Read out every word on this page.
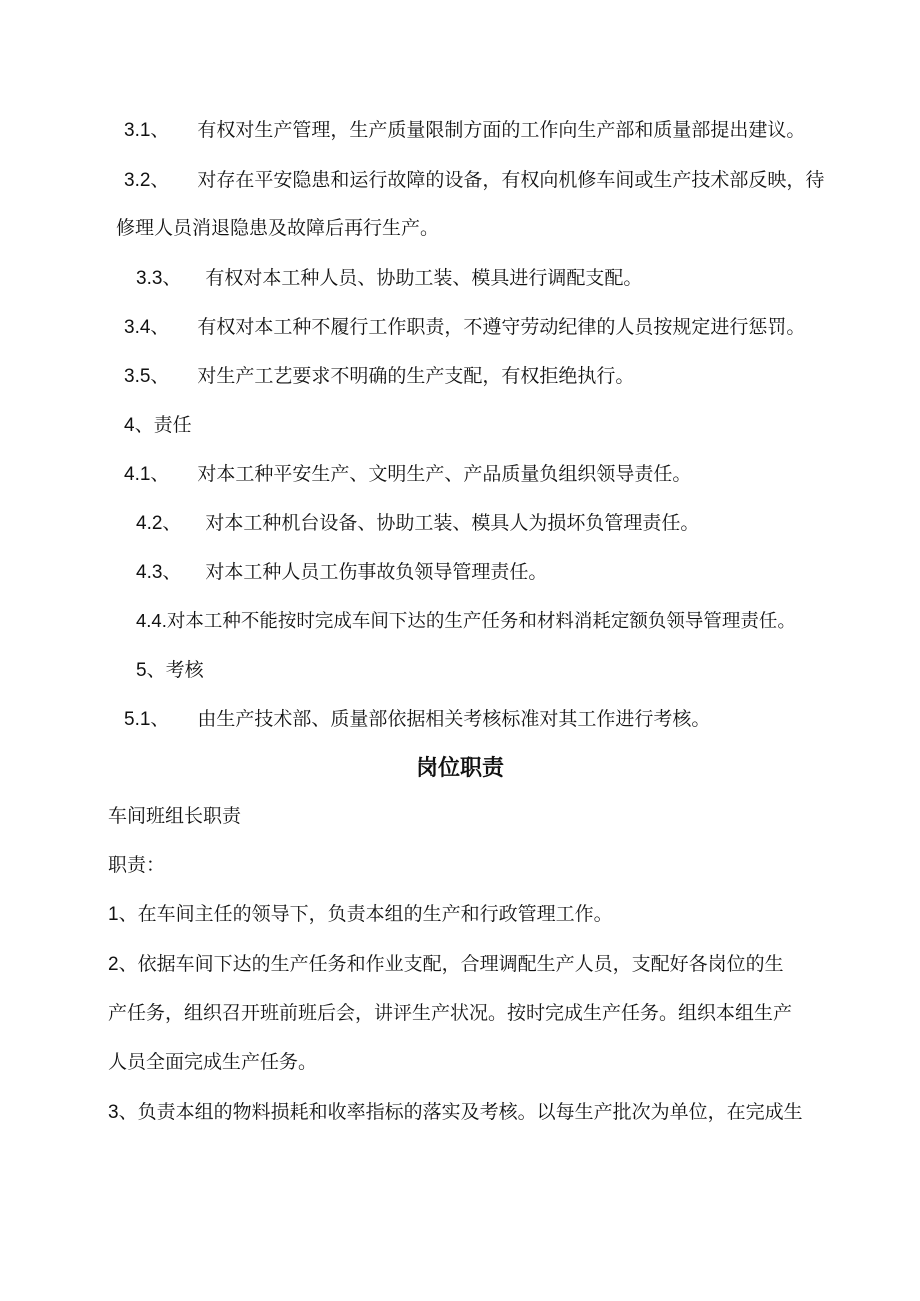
3.1、 有权对生产管理，生产质量限制方面的工作向生产部和质量部提出建议。
3.2、 对存在平安隐患和运行故障的设备，有权向机修车间或生产技术部反映，待
修理人员消退隐患及故障后再行生产。
3.3、 有权对本工种人员、协助工装、模具进行调配支配。
3.4、 有权对本工种不履行工作职责，不遵守劳动纪律的人员按规定进行惩罚。
3.5、 对生产工艺要求不明确的生产支配，有权拒绝执行。
4、责任
4.1、 对本工种平安生产、文明生产、产品质量负组织领导责任。
4.2、 对本工种机台设备、协助工装、模具人为损坏负管理责任。
4.3、 对本工种人员工伤事故负领导管理责任。
4.4.对本工种不能按时完成车间下达的生产任务和材料消耗定额负领导管理责任。
5、考核
5.1、 由生产技术部、质量部依据相关考核标准对其工作进行考核。
岗位职责
车间班组长职责
职责：
1、在车间主任的领导下，负责本组的生产和行政管理工作。
2、依据车间下达的生产任务和作业支配，合理调配生产人员，支配好各岗位的生
产任务，组织召开班前班后会，讲评生产状况。按时完成生产任务。组织本组生产
人员全面完成生产任务。
3、负责本组的物料损耗和收率指标的落实及考核。以每生产批次为单位，在完成生
